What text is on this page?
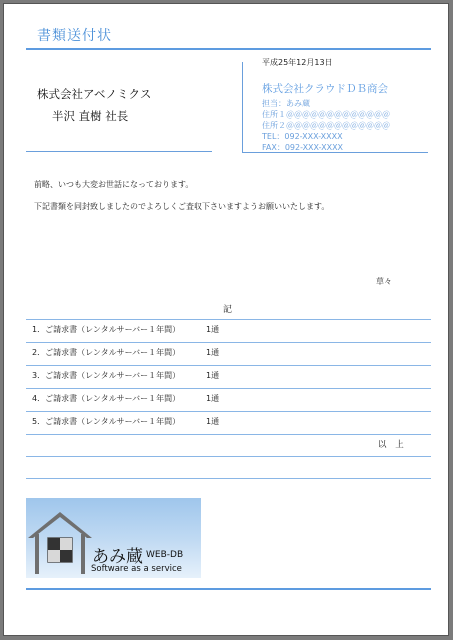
書類送付状
株式会社アベノミクス
半沢 直樹 社長
平成25年12月13日
株式会社クラウドＤＢ商会
担当：あみ蔵
住所１＠＠＠＠＠＠＠＠＠＠＠＠＠
住所２＠＠＠＠＠＠＠＠＠＠＠＠＠
TEL：092-XXX-XXXX
FAX：092-XXX-XXXX
前略、いつも大変お世話になっております。
下記書類を同封致しましたのでよろしくご査収下さいますようお願いいたします。
草々
記
1．ご請求書（レンタルサーバー１年間）	1通
2．ご請求書（レンタルサーバー１年間）	1通
3．ご請求書（レンタルサーバー１年間）	1通
4．ご請求書（レンタルサーバー１年間）	1通
5．ご請求書（レンタルサーバー１年間）	1通
以 上
あみ蔵 WEB-DB
Software as a service
